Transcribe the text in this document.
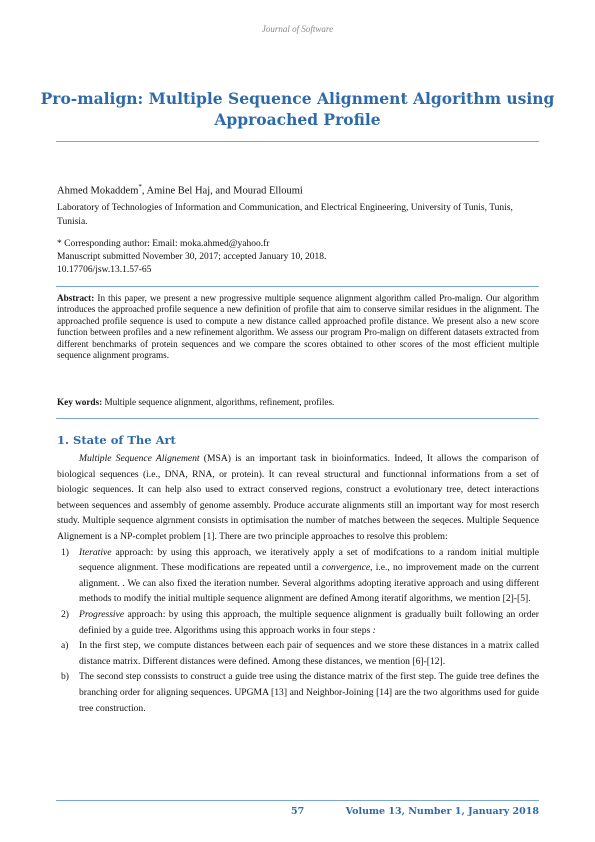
Journal of Software
Pro-malign: Multiple Sequence Alignment Algorithm using Approached Profile
Ahmed Mokaddem*, Amine Bel Haj, and Mourad Elloumi
Laboratory of Technologies of Information and Communication, and Electrical Engineering, University of Tunis, Tunis, Tunisia.
* Corresponding author: Email: moka.ahmed@yahoo.fr
Manuscript submitted November 30, 2017; accepted January 10, 2018.
10.17706/jsw.13.1.57-65
Abstract: In this paper, we present a new progressive multiple sequence alignment algorithm called Pro-malign. Our algorithm introduces the approached profile sequence a new definition of profile that aim to conserve similar residues in the alignment. The approached profile sequence is used to compute a new distance called approached profile distance. We present also a new score function between profiles and a new refinement algorithm. We assess our program Pro-malign on different datasets extracted from different benchmarks of protein sequences and we compare the scores obtained to other scores of the most efficient multiple sequence alignment programs.
Key words: Multiple sequence alignment, algorithms, refinement, profiles.
1. State of The Art

Multiple Sequence Alignement (MSA) is an important task in bioinformatics. Indeed, It allows the comparison of biological sequences (i.e., DNA, RNA, or protein). It can reveal structural and functionnal informations from a set of biologic sequences. It can help also used to extract conserved regions, construct a evolutionary tree, detect interactions between sequences and assembly of genome assembly. Produce accurate alignments still an important way for most reserch study. Multiple sequence algrnment consists in optimisation the number of matches between the seqeces. Multiple Sequence Alignement is a NP-complet problem [1]. There are two principle approaches to resolve this problem:

1) Iterative approach: by using this approach, we iteratively apply a set of modifcations to a random initial multiple sequence alignment. These modifications are repeated until a convergence, i.e., no improvement made on the current alignment. . We can also fixed the iteration number. Several algorithms adopting iterative approach and using different methods to modify the initial multiple sequence alignment are defined Among iteratif algorithms, we mention [2]-[5].
2) Progressive approach: by using this approach, the multiple sequence alignment is gradually built following an order definied by a guide tree. Algorithms using this approach works in four steps :
a) In the first step, we compute distances between each pair of sequences and we store these distances in a matrix called distance matrix. Different distances were defined. Among these distances, we mention [6]-[12].
b) The second step conssists to construct a guide tree using the distance matrix of the first step. The guide tree defines the branching order for aligning sequences. UPGMA [13] and Neighbor-Joining [14] are the two algorithms used for guide tree construction.
57	Volume 13, Number 1, January 2018
